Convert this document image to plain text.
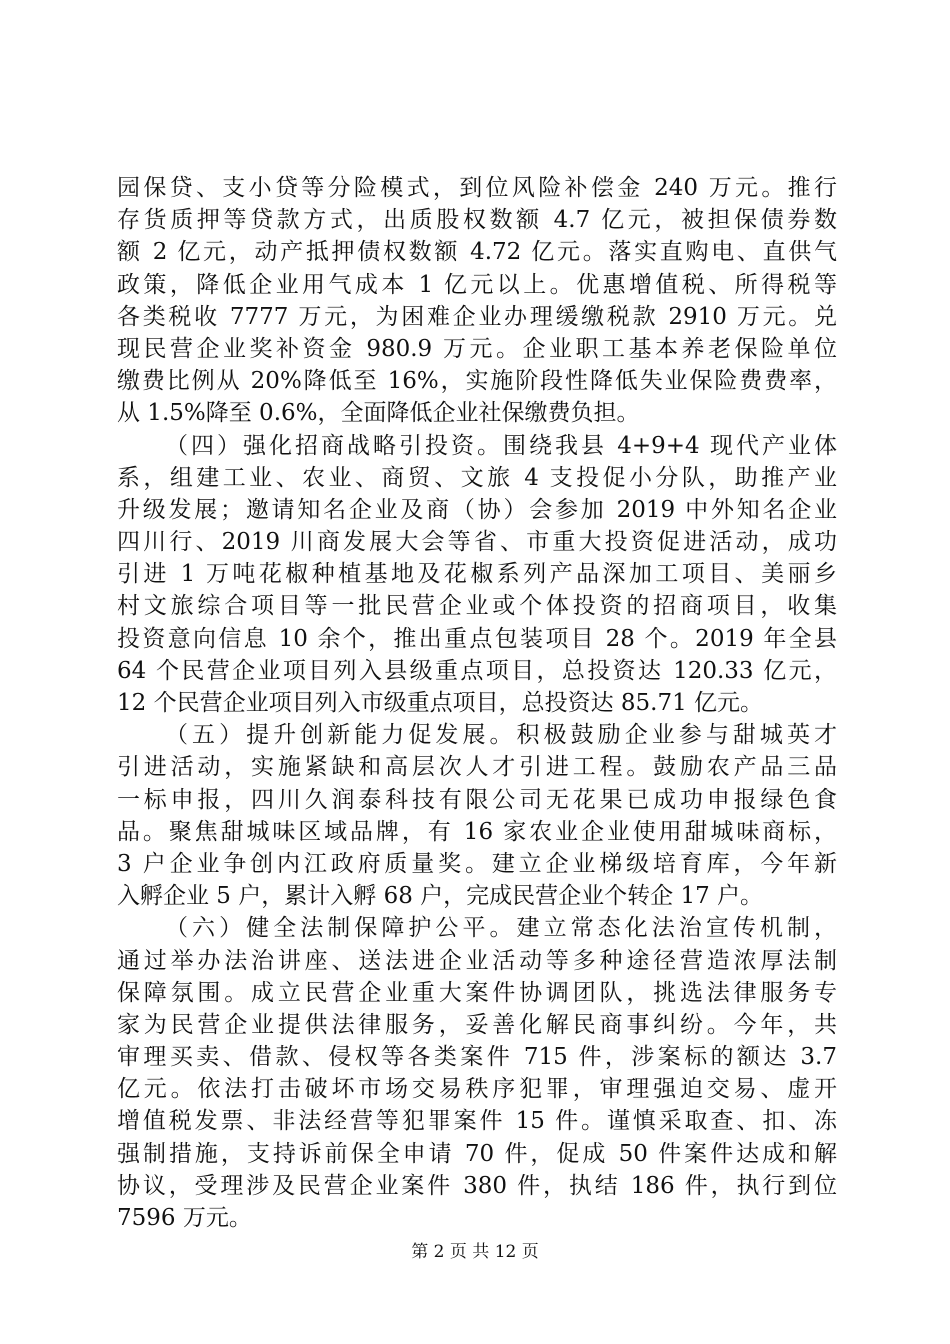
园保贷、支小贷等分险模式，到位风险补偿金 240 万元。推行
存货质押等贷款方式，出质股权数额 4.7 亿元，被担保债券数
额 2 亿元，动产抵押债权数额 4.72 亿元。落实直购电、直供气
政策，降低企业用气成本 1 亿元以上。优惠增值税、所得税等
各类税收 7777 万元，为困难企业办理缓缴税款 2910 万元。兑
现民营企业奖补资金 980.9 万元。企业职工基本养老保险单位
缴费比例从 20%降低至 16%，实施阶段性降低失业保险费费率，
从 1.5%降至 0.6%，全面降低企业社保缴费负担。
（四）强化招商战略引投资。围绕我县 4+9+4 现代产业体
系，组建工业、农业、商贸、文旅 4 支投促小分队，助推产业
升级发展；邀请知名企业及商（协）会参加 2019 中外知名企业
四川行、2019 川商发展大会等省、市重大投资促进活动，成功
引进 1 万吨花椒种植基地及花椒系列产品深加工项目、美丽乡
村文旅综合项目等一批民营企业或个体投资的招商项目，收集
投资意向信息 10 余个，推出重点包装项目 28 个。2019 年全县
64 个民营企业项目列入县级重点项目，总投资达 120.33 亿元，
12 个民营企业项目列入市级重点项目，总投资达 85.71 亿元。
（五）提升创新能力促发展。积极鼓励企业参与甜城英才
引进活动，实施紧缺和高层次人才引进工程。鼓励农产品三品
一标申报，四川久润泰科技有限公司无花果已成功申报绿色食
品。聚焦甜城味区域品牌，有 16 家农业企业使用甜城味商标，
3 户企业争创内江政府质量奖。建立企业梯级培育库，今年新
入孵企业 5 户，累计入孵 68 户，完成民营企业个转企 17 户。
（六）健全法制保障护公平。建立常态化法治宣传机制，
通过举办法治讲座、送法进企业活动等多种途径营造浓厚法制
保障氛围。成立民营企业重大案件协调团队，挑选法律服务专
家为民营企业提供法律服务，妥善化解民商事纠纷。今年，共
审理买卖、借款、侵权等各类案件 715 件，涉案标的额达 3.7
亿元。依法打击破坏市场交易秩序犯罪，审理强迫交易、虚开
增值税发票、非法经营等犯罪案件 15 件。谨慎采取查、扣、冻
强制措施，支持诉前保全申请 70 件，促成 50 件案件达成和解
协议，受理涉及民营企业案件 380 件，执结 186 件，执行到位
7596 万元。
第 2 页 共 12 页
